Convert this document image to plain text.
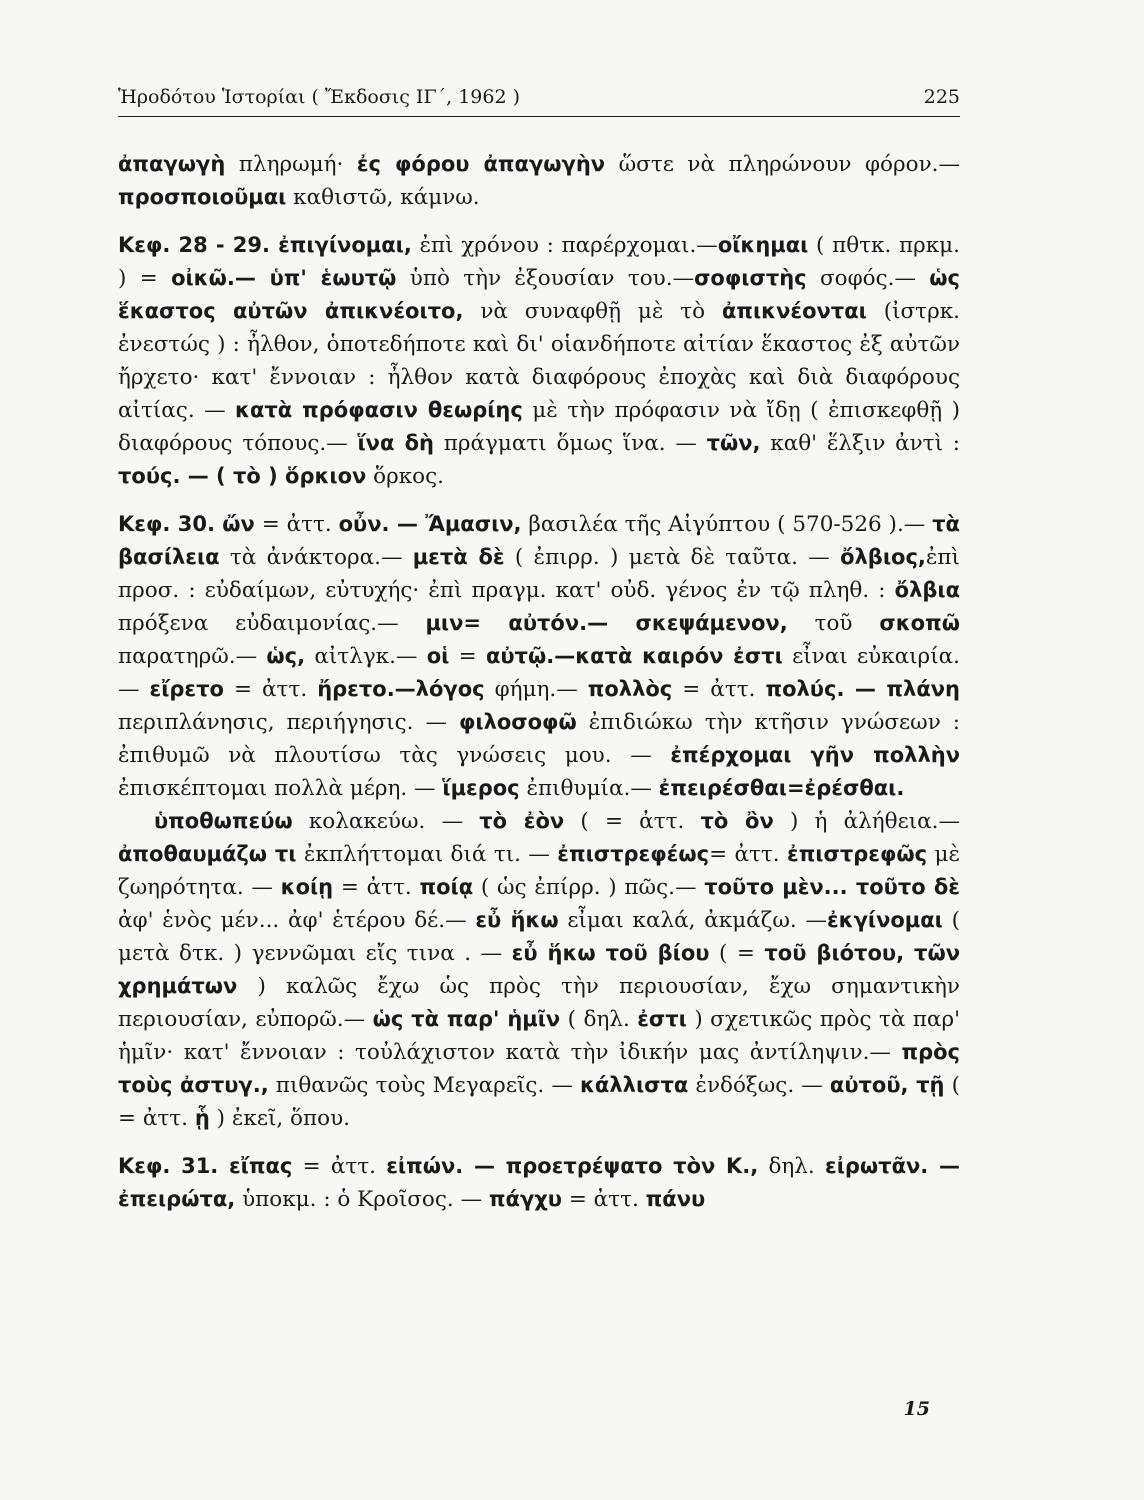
Ἡροδότου Ἱστορίαι ( Ἔκδοσις ΙΓ΄, 1962 )	225

ἀπαγωγὴ πληρωμή· ἐς φόρου ἀπαγωγὴν ὥστε νὰ πληρώνουν φόρον.— προσποιοῦμαι καθιστῶ, κάμνω.

Κεφ. 28 - 29. ἐπιγίνομαι, ἐπὶ χρόνου : παρέρχομαι.—οἴκημαι ( πθτκ. πρκμ. ) = οἰκῶ.— ὑπ' ἑωυτῷ ὑπὸ τὴν ἐξουσίαν του.—σοφιστὴς σοφός.— ὡς ἕκαστος αὐτῶν ἀπικνέοιτο, νὰ συναφθῇ μὲ τὸ ἀπικνέονται (ἰστρκ. ἐνεστώς ) : ἦλθον, ὁποτεδήποτε καὶ δι' οἱανδήποτε αἰτίαν ἕκαστος ἐξ αὐτῶν ἤρχετο· κατ' ἔννοιαν : ἦλθον κατὰ διαφόρους ἐποχὰς καὶ διὰ διαφόρους αἰτίας. — κατὰ πρόφασιν θεωρίης μὲ τὴν πρόφασιν νὰ ἴδῃ ( ἐπισκεφθῇ ) διαφόρους τόπους.— ἵνα δὴ πράγματι ὅμως ἵνα. — τῶν, καθ' ἕλξιν ἀντὶ : τούς. — ( τὸ ) ὅρκιον ὅρκος.

Κεφ. 30. ὤν = ἀττ. οὖν. — Ἄμασιν, βασιλέα τῆς Αἰγύπτου ( 570-526 ).— τὰ βασίλεια τὰ ἀνάκτορα.— μετὰ δὲ ( ἐπιρρ. ) μετὰ δὲ ταῦτα. — ὄλβιος,ἐπὶ προσ. : εὐδαίμων, εὐτυχής· ἐπὶ πραγμ. κατ' οὐδ. γένος ἐν τῷ πληθ. : ὄλβια πρόξενα εὐδαιμονίας.— μιν= αὐτόν.— σκεψάμενον, τοῦ σκοπῶ παρατηρῶ.— ὡς, αἰτλγκ.— οἱ = αὐτῷ.—κατὰ καιρόν ἐστι εἶναι εὐκαιρία. — εἴρετο = ἀττ. ἤρετο.—λόγος φήμη.— πολλὸς = ἀττ. πολύς. — πλάνη περιπλάνησις, περιήγησις. — φιλοσοφῶ ἐπιδιώκω τὴν κτῆσιν γνώσεων : ἐπιθυμῶ νὰ πλουτίσω τὰς γνώσεις μου. — ἐπέρχομαι γῆν πολλὴν ἐπισκέπτομαι πολλὰ μέρη. — ἵμερος ἐπιθυμία.— ἐπειρέσθαι=ἐρέσθαι.

ὑποθωπεύω κολακεύω. — τὸ ἐὸν ( = ἀττ. τὸ ὂν ) ἡ ἀλήθεια.— ἀποθαυμάζω τι ἐκπλήττομαι διά τι. — ἐπιστρεφέως= ἀττ. ἐπιστρεφῶς μὲ ζωηρότητα. — κοίῃ = ἀττ. ποίᾳ ( ὡς ἐπίρρ. ) πῶς.— τοῦτο μὲν... τοῦτο δὲ ἀφ' ἑνὸς μέν... ἀφ' ἑτέρου δέ.— εὖ ἥκω εἶμαι καλά, ἀκμάζω. —ἐκγίνομαι ( μετὰ δτκ. ) γεννῶμαι εἴς τινα . — εὖ ἥκω τοῦ βίου ( = τοῦ βιότου, τῶν χρημάτων ) καλῶς ἔχω ὡς πρὸς τὴν περιουσίαν, ἔχω σημαντικὴν περιουσίαν, εὐπορῶ.— ὡς τὰ παρ' ἡμῖν ( δηλ. ἐστι ) σχετικῶς πρὸς τὰ παρ' ἡμῖν· κατ' ἔννοιαν : τοὐλάχιστον κατὰ τὴν ἰδικήν μας ἀντίληψιν.— πρὸς τοὺς ἀστυγ., πιθανῶς τοὺς Μεγαρεῖς. — κάλλιστα ἐνδόξως. — αὐτοῦ, τῇ ( = ἀττ. ᾗ ) ἐκεῖ, ὅπου.

Κεφ. 31. εἴπας = ἀττ. εἰπών. — προετρέψατο τὸν Κ., δηλ. εἰρωτᾶν. — ἐπειρώτα, ὑποκμ. : ὁ Κροῖσος. — πάγχυ = ἀττ. πάνυ

15
